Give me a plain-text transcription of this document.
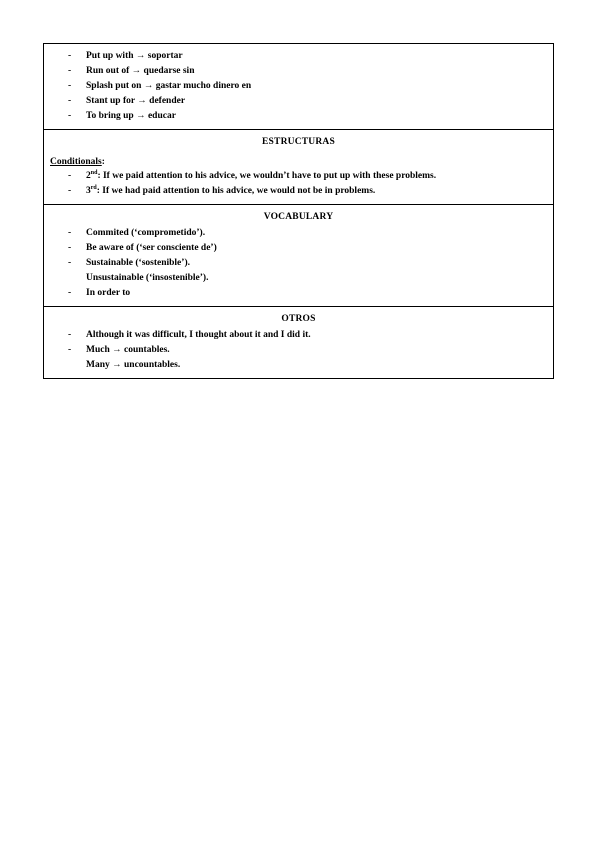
- Put up with → soportar
- Run out of → quedarse sin
- Splash put on → gastar mucho dinero en
- Stant up for → defender
- To bring up → educar
ESTRUCTURAS
Conditionals:
- 2nd: If we paid attention to his advice, we wouldn’t have to put up with these problems.
- 3rd: If we had paid attention to his advice, we would not be in problems.
VOCABULARY
- Commited (‘comprometido’).
- Be aware of (‘ser consciente de’)
- Sustainable (‘sostenible’).
Unsustainable (‘insostenible’).
- In order to
OTROS
- Although it was difficult, I thought about it and I did it.
- Much → countables.
Many → uncountables.
